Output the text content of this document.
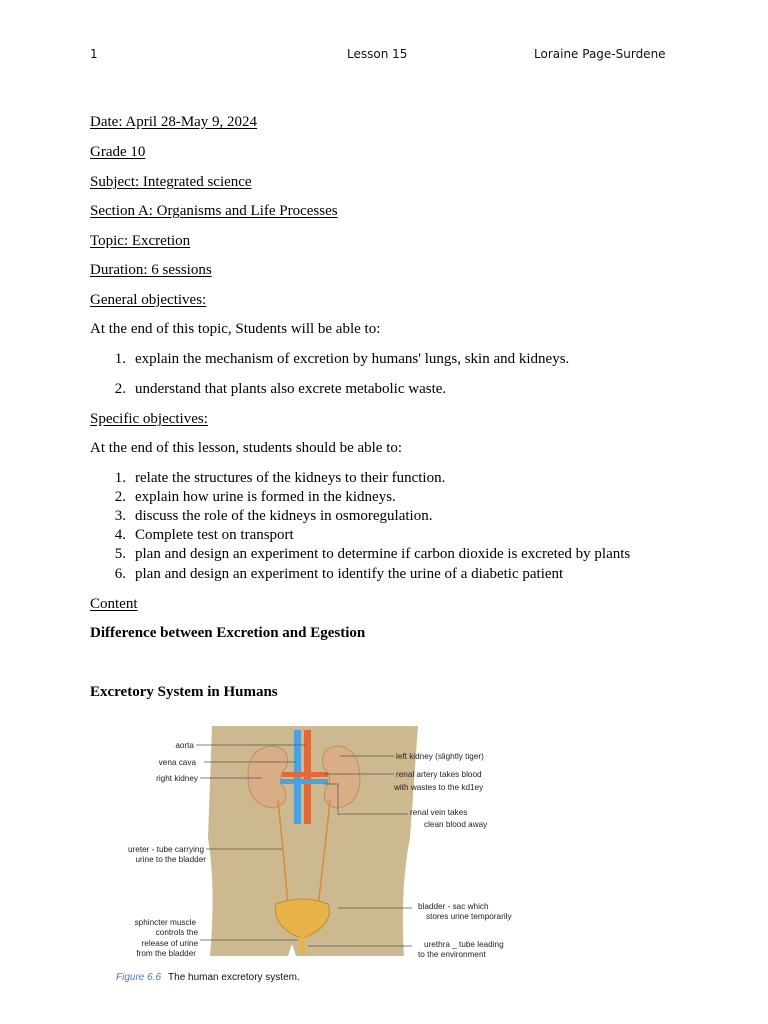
1	Lesson 15	Loraine Page-Surdene
Date: April 28-May 9, 2024
Grade 10
Subject: Integrated science
Section A: Organisms and Life Processes
Topic: Excretion
Duration: 6 sessions
General objectives:
At the end of this topic, Students will be able to:
1. explain the mechanism of excretion by humans' lungs, skin and kidneys.
2. understand that plants also excrete metabolic waste.
Specific objectives:
At the end of this lesson, students should be able to:
1. relate the structures of the kidneys to their function.
2. explain how urine is formed in the kidneys.
3. discuss the role of the kidneys in osmoregulation.
4. Complete test on transport
5. plan and design an experiment to determine if carbon dioxide is excreted by plants
6. plan and design an experiment to identify the urine of a diabetic patient
Content
Difference between Excretion and Egestion
Excretory System in Humans
aorta
vena cava
right kidney
ureter - tube carrying
urine to the bladder
sphincter muscle
controls the
release of urine
from the bladder
left kidney (slightly tiger)
renal artery takes blood
with wastes to the kd1ey
renal vein takes
clean blood away
bladder - sac which
stores urine temporarily
urethra _ tube leading
to the environment
Figure 6.6 The human excretory system.
